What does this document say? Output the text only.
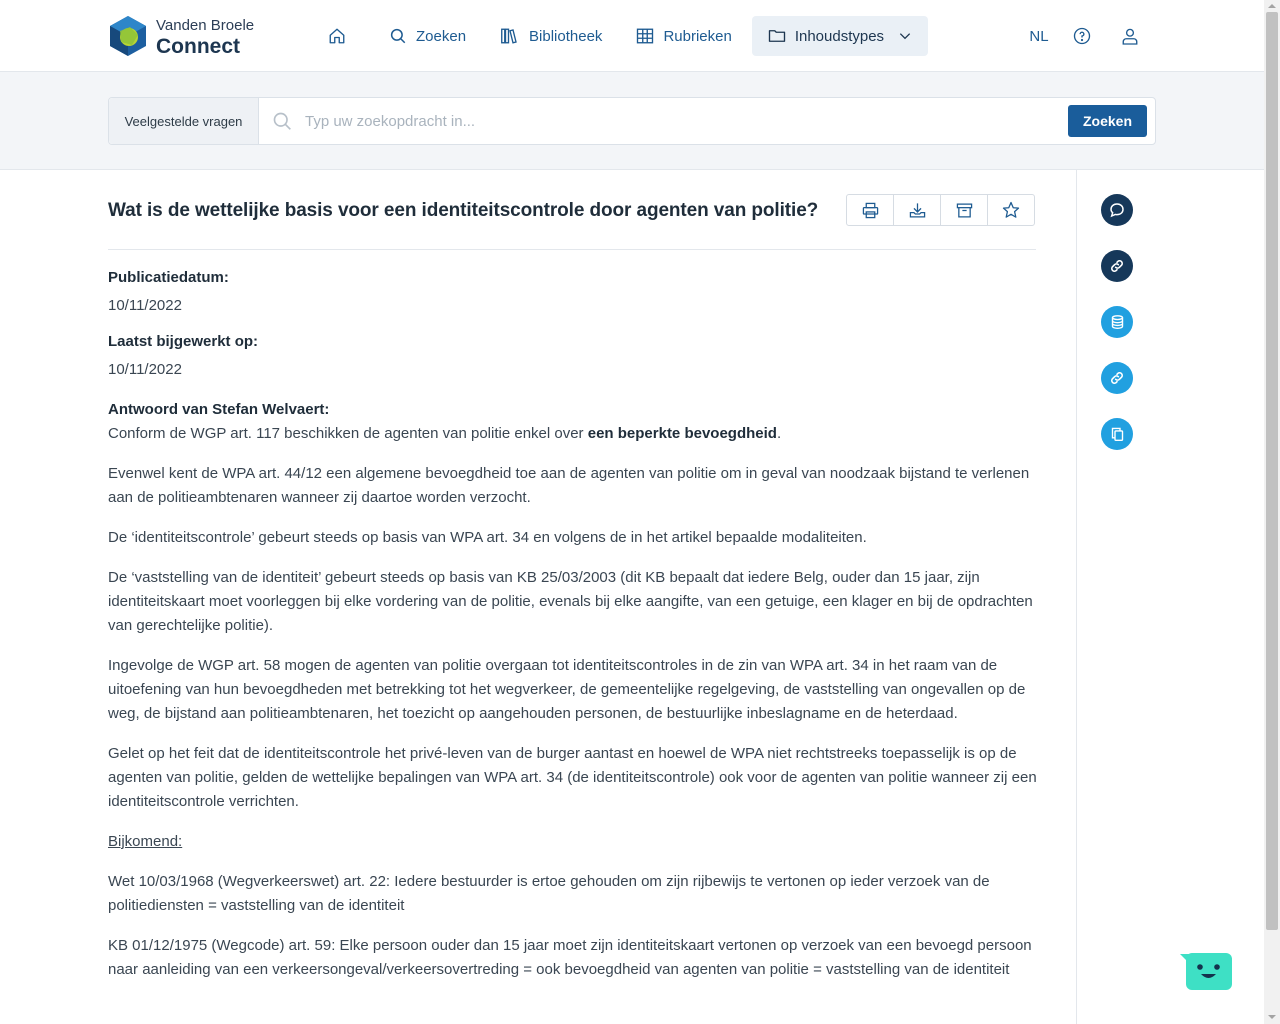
Vanden Broele
Connect	Zoeken	Bibliotheek	Rubrieken	Inhoudstypes	NL
Veelgestelde vragen
Typ uw zoekopdracht in...	Zoeken
Wat is de wettelijke basis voor een identiteitscontrole door agenten van politie?
Publicatiedatum:
10/11/2022
Laatst bijgewerkt op:
10/11/2022
Antwoord van Stefan Welvaert:

Conform de WGP art. 117 beschikken de agenten van politie enkel over een beperkte bevoegdheid.

Evenwel kent de WPA art. 44/12 een algemene bevoegdheid toe aan de agenten van politie om in geval van noodzaak bijstand te verlenen aan de politieambtenaren wanneer zij daartoe worden verzocht.

De ‘identiteitscontrole’ gebeurt steeds op basis van WPA art. 34 en volgens de in het artikel bepaalde modaliteiten.

De ‘vaststelling van de identiteit’ gebeurt steeds op basis van KB 25/03/2003 (dit KB bepaalt dat iedere Belg, ouder dan 15 jaar, zijn identiteitskaart moet voorleggen bij elke vordering van de politie, evenals bij elke aangifte, van een getuige, een klager en bij de opdrachten van gerechtelijke politie).

Ingevolge de WGP art. 58 mogen de agenten van politie overgaan tot identiteitscontroles in de zin van WPA art. 34 in het raam van de uitoefening van hun bevoegdheden met betrekking tot het wegverkeer, de gemeentelijke regelgeving, de vaststelling van ongevallen op de weg, de bijstand aan politieambtenaren, het toezicht op aangehouden personen, de bestuurlijke inbeslagname en de heterdaad.

Gelet op het feit dat de identiteitscontrole het privé-leven van de burger aantast en hoewel de WPA niet rechtstreeks toepasselijk is op de agenten van politie, gelden de wettelijke bepalingen van WPA art. 34 (de identiteitscontrole) ook voor de agenten van politie wanneer zij een identiteitscontrole verrichten.

Bijkomend:

Wet 10/03/1968 (Wegverkeerswet) art. 22: Iedere bestuurder is ertoe gehouden om zijn rijbewijs te vertonen op ieder verzoek van de politiediensten = vaststelling van de identiteit

KB 01/12/1975 (Wegcode) art. 59: Elke persoon ouder dan 15 jaar moet zijn identiteitskaart vertonen op verzoek van een bevoegd persoon naar aanleiding van een verkeersongeval/verkeersovertreding = ook bevoegdheid van agenten van politie = vaststelling van de identiteit
